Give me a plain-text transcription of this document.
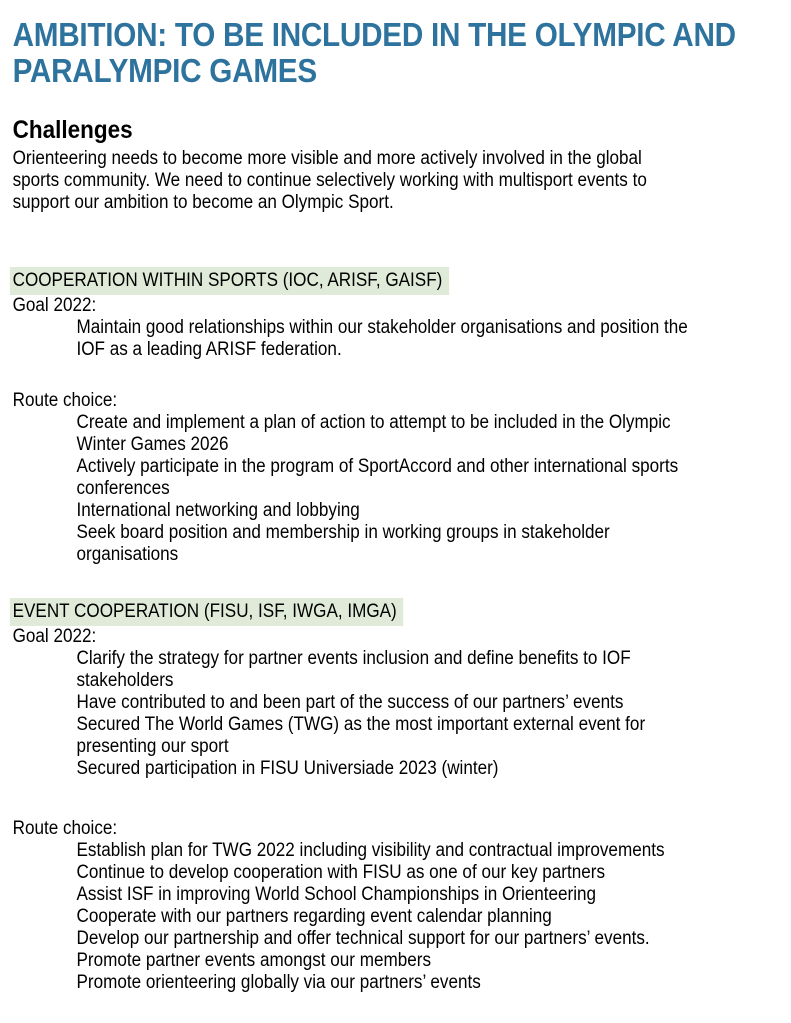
AMBITION: TO BE INCLUDED IN THE OLYMPIC AND
PARALYMPIC GAMES
Challenges
Orienteering needs to become more visible and more actively involved in the global
sports community. We need to continue selectively working with multisport events to
support our ambition to become an Olympic Sport.
COOPERATION WITHIN SPORTS (IOC, ARISF, GAISF)
Goal 2022:
Maintain good relationships within our stakeholder organisations and position the
IOF as a leading ARISF federation.
Route choice:
Create and implement a plan of action to attempt to be included in the Olympic
Winter Games 2026
Actively participate in the program of SportAccord and other international sports
conferences
International networking and lobbying
Seek board position and membership in working groups in stakeholder
organisations
EVENT COOPERATION (FISU, ISF, IWGA, IMGA)
Goal 2022:
Clarify the strategy for partner events inclusion and define benefits to IOF
stakeholders
Have contributed to and been part of the success of our partners’ events
Secured The World Games (TWG) as the most important external event for
presenting our sport
Secured participation in FISU Universiade 2023 (winter)
Route choice:
Establish plan for TWG 2022 including visibility and contractual improvements
Continue to develop cooperation with FISU as one of our key partners
Assist ISF in improving World School Championships in Orienteering
Cooperate with our partners regarding event calendar planning
Develop our partnership and offer technical support for our partners’ events.
Promote partner events amongst our members
Promote orienteering globally via our partners’ events
